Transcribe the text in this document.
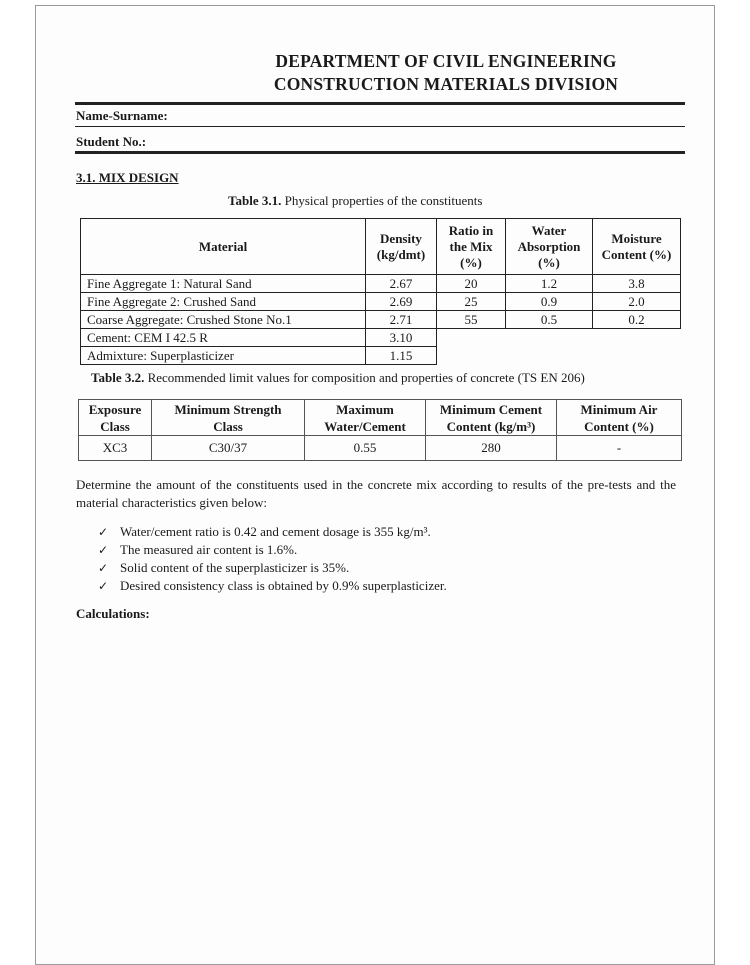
DEPARTMENT OF CIVIL ENGINEERING
CONSTRUCTION MATERIALS DIVISION
Name-Surname:
Student No.:
3.1. MIX DESIGN
Table 3.1. Physical properties of the constituents
Material	Density (kg/dmt)	Ratio in the Mix (%)	Water Absorption (%)	Moisture Content (%)

Fine Aggregate 1: Natural Sand	2.67	20	1.2	3.8
Fine Aggregate 2: Crushed Sand	2.69	25	0.9	2.0
Coarse Aggregate: Crushed Stone No.1	2.71	55	0.5	0.2
Cement: CEM I 42.5 R	3.10			
Admixture: Superplasticizer	1.15			
Table 3.2. Recommended limit values for composition and properties of concrete (TS EN 206)
Exposure Class	Minimum Strength Class	Maximum Water/Cement	Minimum Cement Content (kg/m³)	Minimum Air Content (%)

XC3	C30/37	0.55	280	-
Determine the amount of the constituents used in the concrete mix according to results of the pre-tests and the material characteristics given below:
✓ Water/cement ratio is 0.42 and cement dosage is 355 kg/m³.
✓ The measured air content is 1.6%.
✓ Solid content of the superplasticizer is 35%.
✓ Desired consistency class is obtained by 0.9% superplasticizer.
Calculations:
